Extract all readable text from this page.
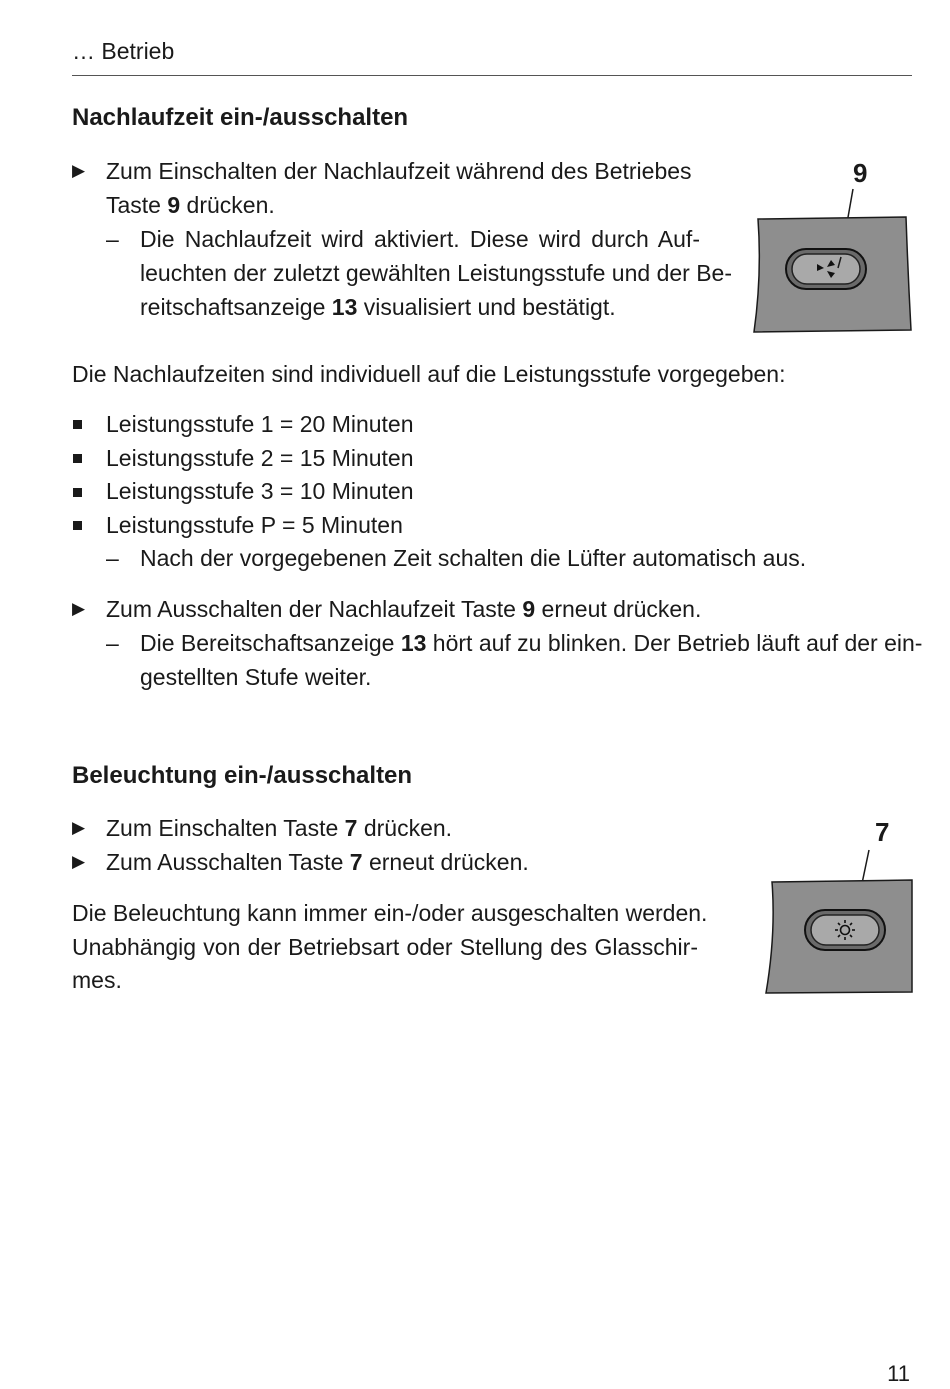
… Betrieb
Nachlaufzeit ein-/ausschalten
▶ Zum Einschalten der Nachlaufzeit während des Betriebes
Taste 9 drücken.
– Die Nachlaufzeit wird aktiviert. Diese wird durch Auf-
leuchten der zuletzt gewählten Leistungsstufe und der Be-
reitschaftsanzeige 13 visualisiert und bestätigt.
9
Die Nachlaufzeiten sind individuell auf die Leistungsstufe vorgegeben:
Leistungsstufe 1 = 20 Minuten
Leistungsstufe 2 = 15 Minuten
Leistungsstufe 3 = 10 Minuten
Leistungsstufe P = 5 Minuten
– Nach der vorgegebenen Zeit schalten die Lüfter automatisch aus.
▶ Zum Ausschalten der Nachlaufzeit Taste 9 erneut drücken.
– Die Bereitschaftsanzeige 13 hört auf zu blinken. Der Betrieb läuft auf der ein-
gestellten Stufe weiter.
Beleuchtung ein-/ausschalten
▶ Zum Einschalten Taste 7 drücken.
▶ Zum Ausschalten Taste 7 erneut drücken.
Die Beleuchtung kann immer ein-/oder ausgeschalten werden.
Unabhängig von der Betriebsart oder Stellung des Glasschir-
mes.
7
11
